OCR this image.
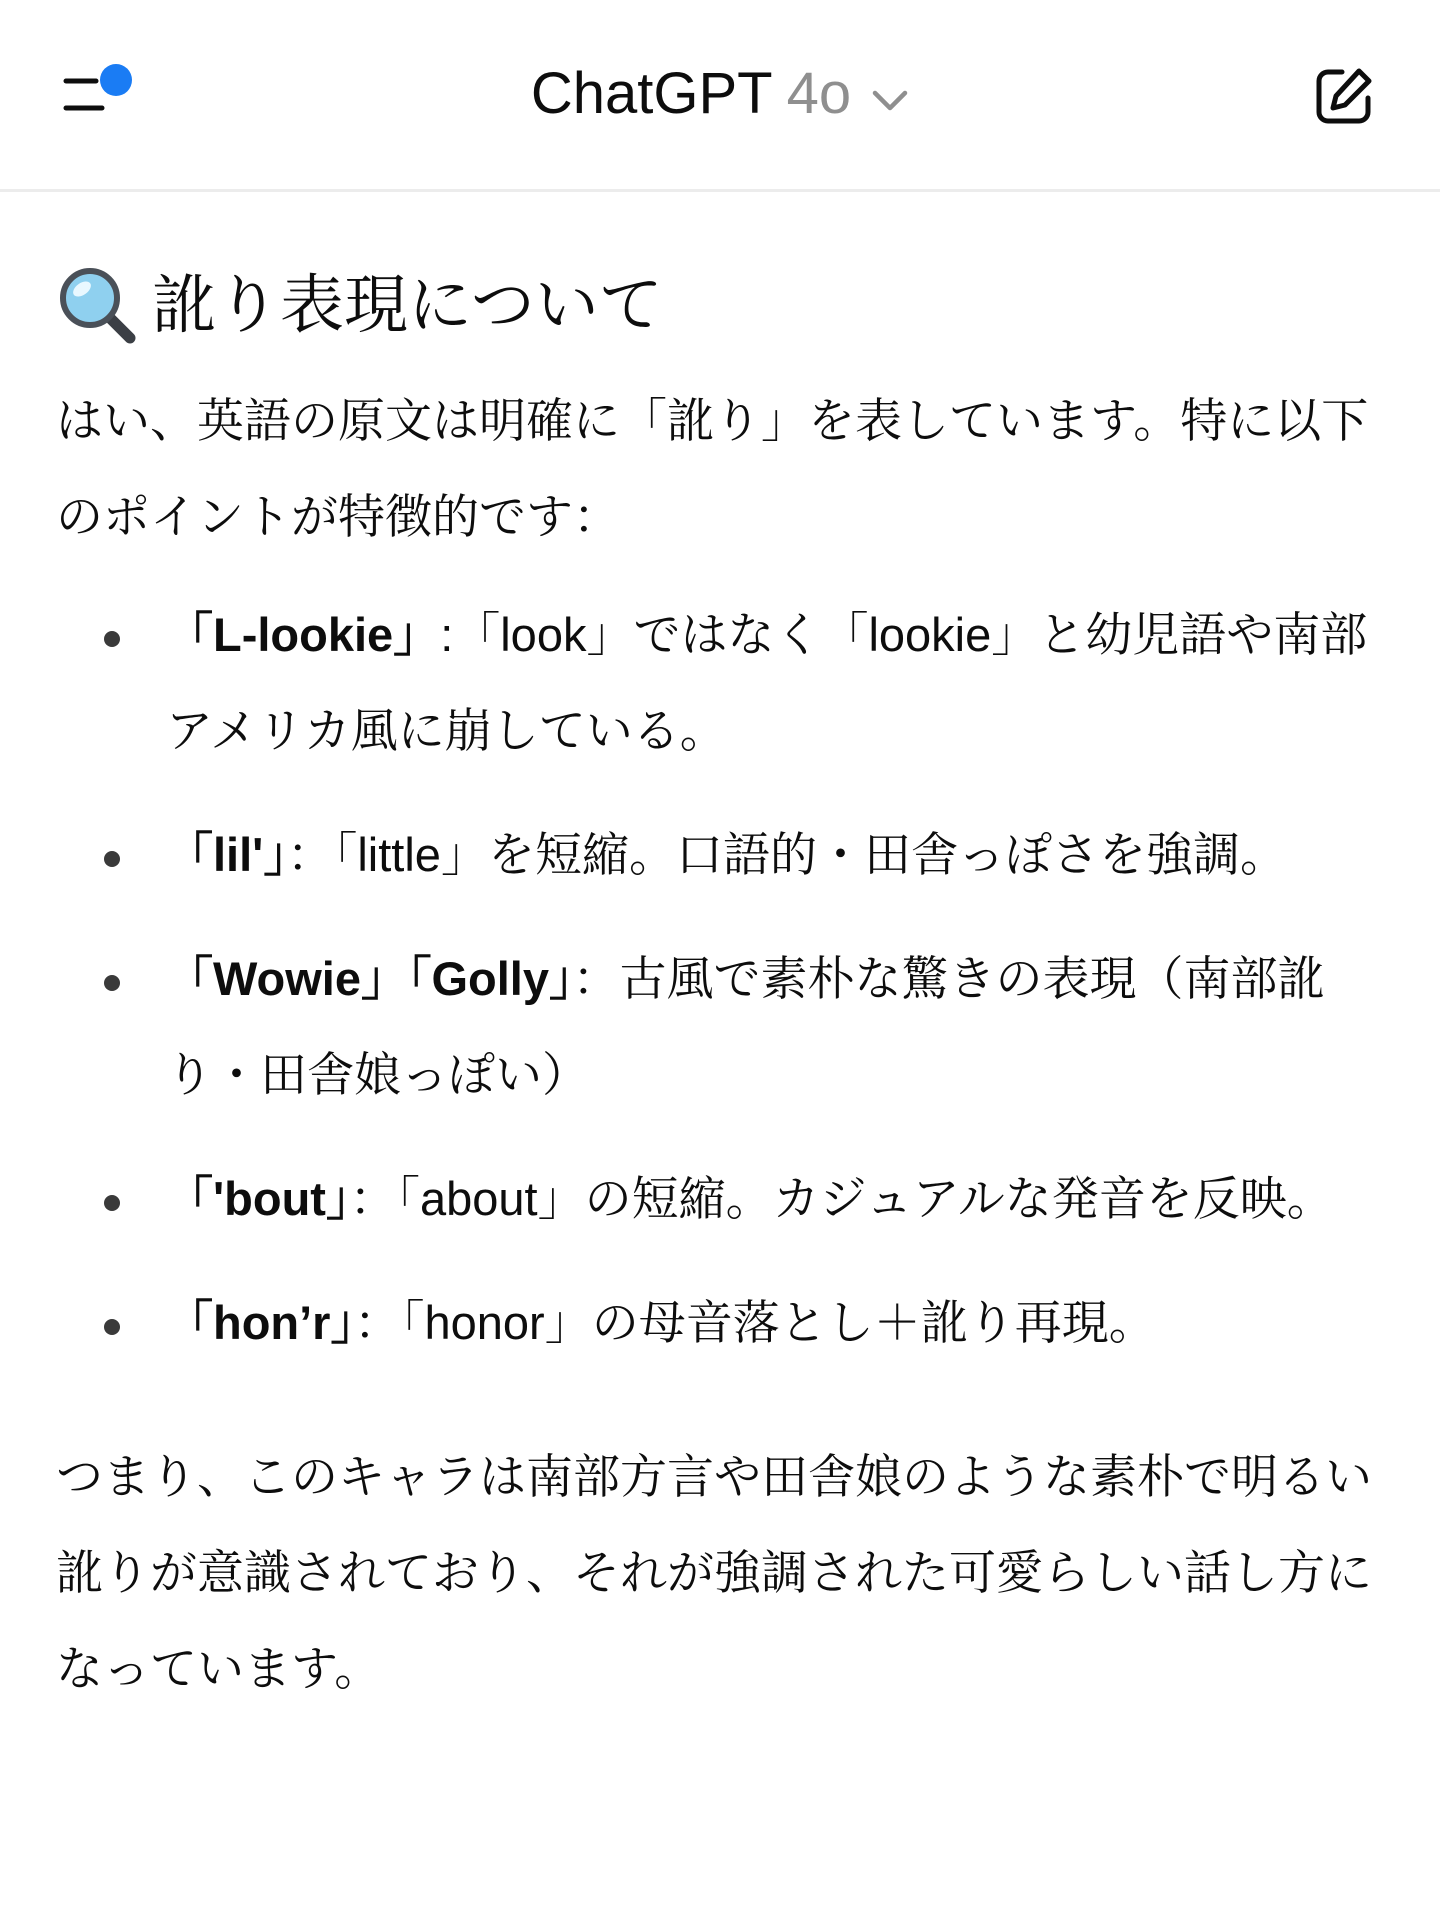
ChatGPT 4o
訛り表現について

はい、英語の原文は明確に「訛り」を表しています。特に以下のポイントが特徴的です：

「L-lookie」:「look」ではなく「lookie」と幼児語や南部アメリカ風に崩している。
「lil'」：「little」を短縮。口語的・田舎っぽさを強調。
「Wowie」「Golly」：古風で素朴な驚きの表現（南部訛り・田舎娘っぽい）
「'bout」：「about」の短縮。カジュアルな発音を反映。
「hon’r」：「honor」の母音落とし＋訛り再現。

つまり、このキャラは南部方言や田舎娘のような素朴で明るい訛りが意識されており、それが強調された可愛らしい話し方になっています。
